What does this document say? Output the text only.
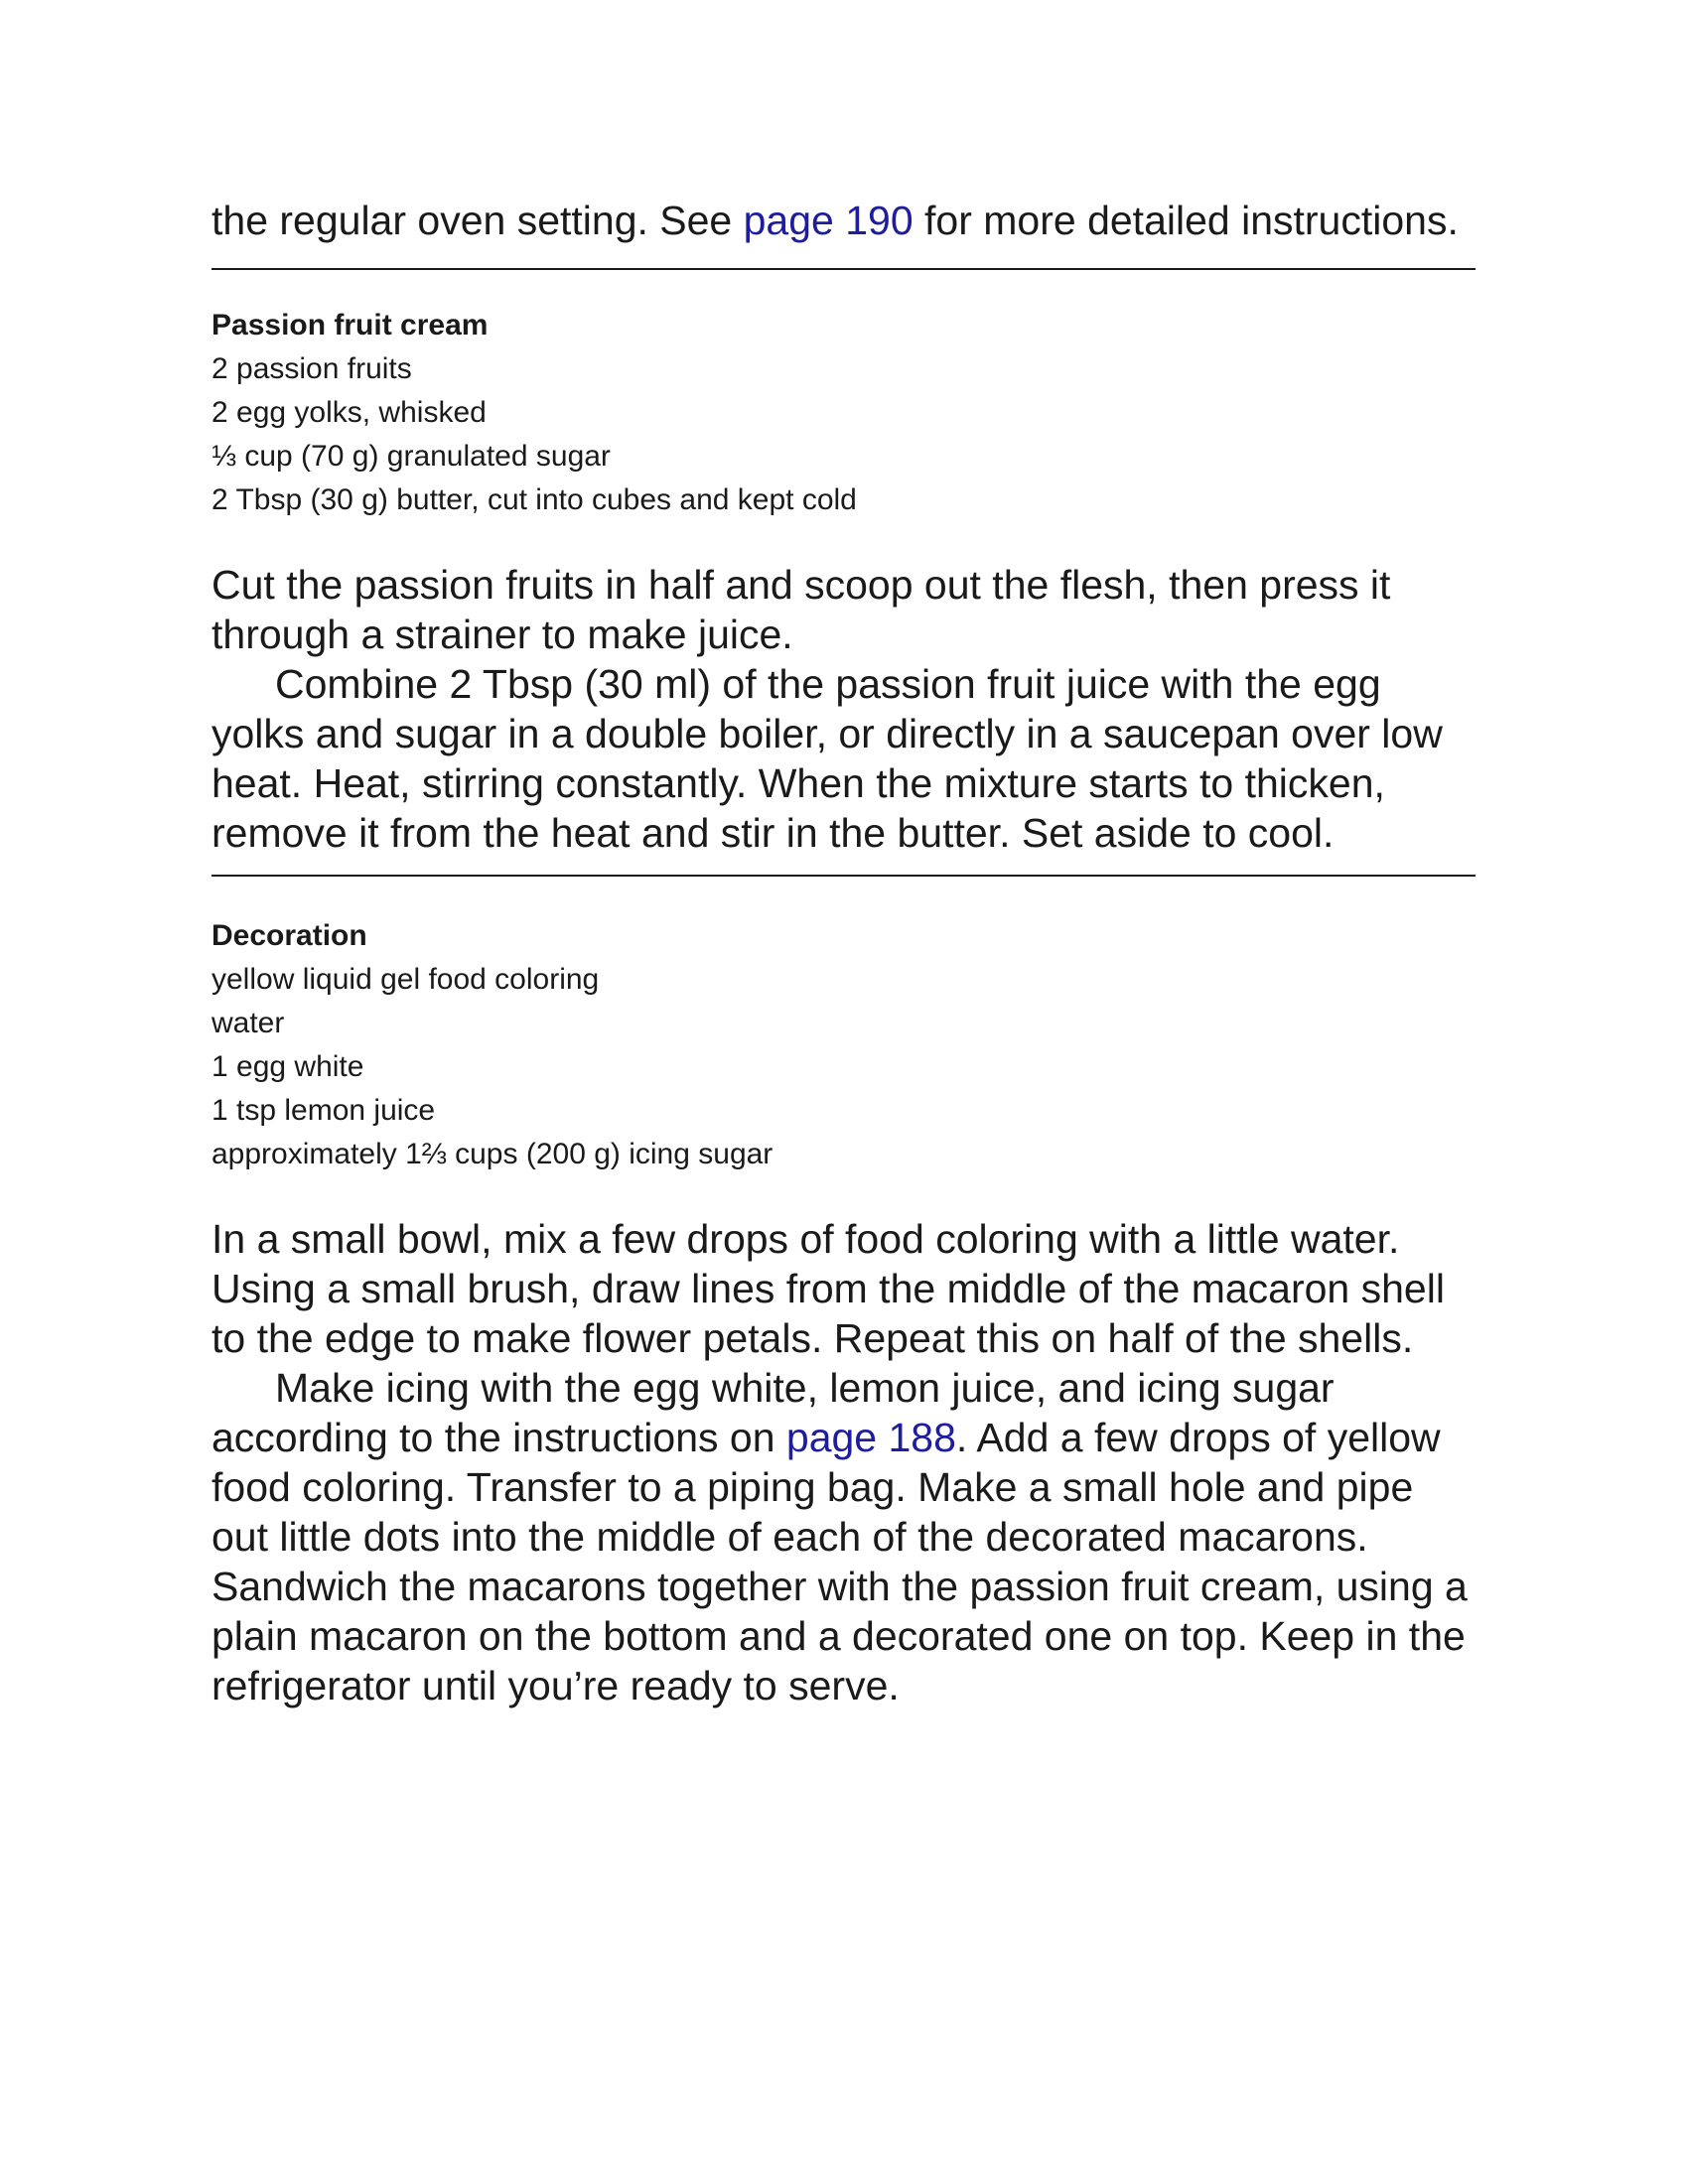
the regular oven setting. See page 190 for more detailed instructions.

Passion fruit cream
2 passion fruits
2 egg yolks, whisked
⅓ cup (70 g) granulated sugar
2 Tbsp (30 g) butter, cut into cubes and kept cold

Cut the passion fruits in half and scoop out the flesh, then press it through a strainer to make juice.

Combine 2 Tbsp (30 ml) of the passion fruit juice with the egg yolks and sugar in a double boiler, or directly in a saucepan over low heat. Heat, stirring constantly. When the mixture starts to thicken, remove it from the heat and stir in the butter. Set aside to cool.

Decoration
yellow liquid gel food coloring
water
1 egg white
1 tsp lemon juice
approximately 1⅔ cups (200 g) icing sugar

In a small bowl, mix a few drops of food coloring with a little water. Using a small brush, draw lines from the middle of the macaron shell to the edge to make flower petals. Repeat this on half of the shells.

Make icing with the egg white, lemon juice, and icing sugar according to the instructions on page 188. Add a few drops of yellow food coloring. Transfer to a piping bag. Make a small hole and pipe out little dots into the middle of each of the decorated macarons. Sandwich the macarons together with the passion fruit cream, using a plain macaron on the bottom and a decorated one on top. Keep in the refrigerator until you’re ready to serve.
